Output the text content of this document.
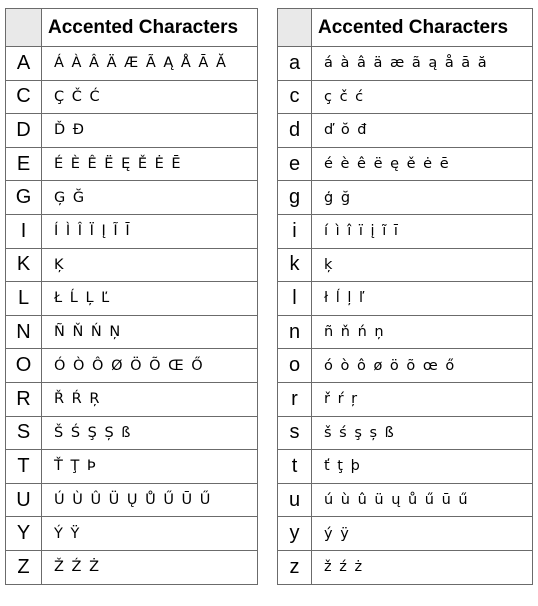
	Accented Characters
A	Á À Â Ä Æ Ã Ą Å Ā Ă
C	Ç Č Ć
D	Ď Đ
E	É È Ê Ë Ę Ě Ė Ē
G	Ģ Ğ
I	Í Ì Î Ï Į Ĩ Ī
K	Ķ
L	Ł Ĺ Ļ Ľ
N	Ñ Ň Ń Ņ
O	Ó Ò Ô Ø Ö Õ Œ Ő
R	Ř Ŕ Ŗ
S	Š Ś Ş Ș ß
T	Ť Ţ Þ
U	Ú Ù Û Ü Ų Ů Ű Ū Ű
Y	Ý Ÿ
Z	Ž Ź Ż
	Accented Characters
a	á à â ä æ ã ą å ā ă
c	ç č ć
d	ď ŏ đ
e	é è ê ë ę ě ė ē
g	ģ ğ
i	í ì î ï į ĩ ī
k	ķ
l	ł ĺ ļ ľ
n	ñ ň ń ņ
o	ó ò ô ø ö õ œ ő
r	ř ŕ ŗ
s	š ś ş ș ß
t	ť ţ þ
u	ú ù û ü ų ů ű ū ű
y	ý ÿ
z	ž ź ż
